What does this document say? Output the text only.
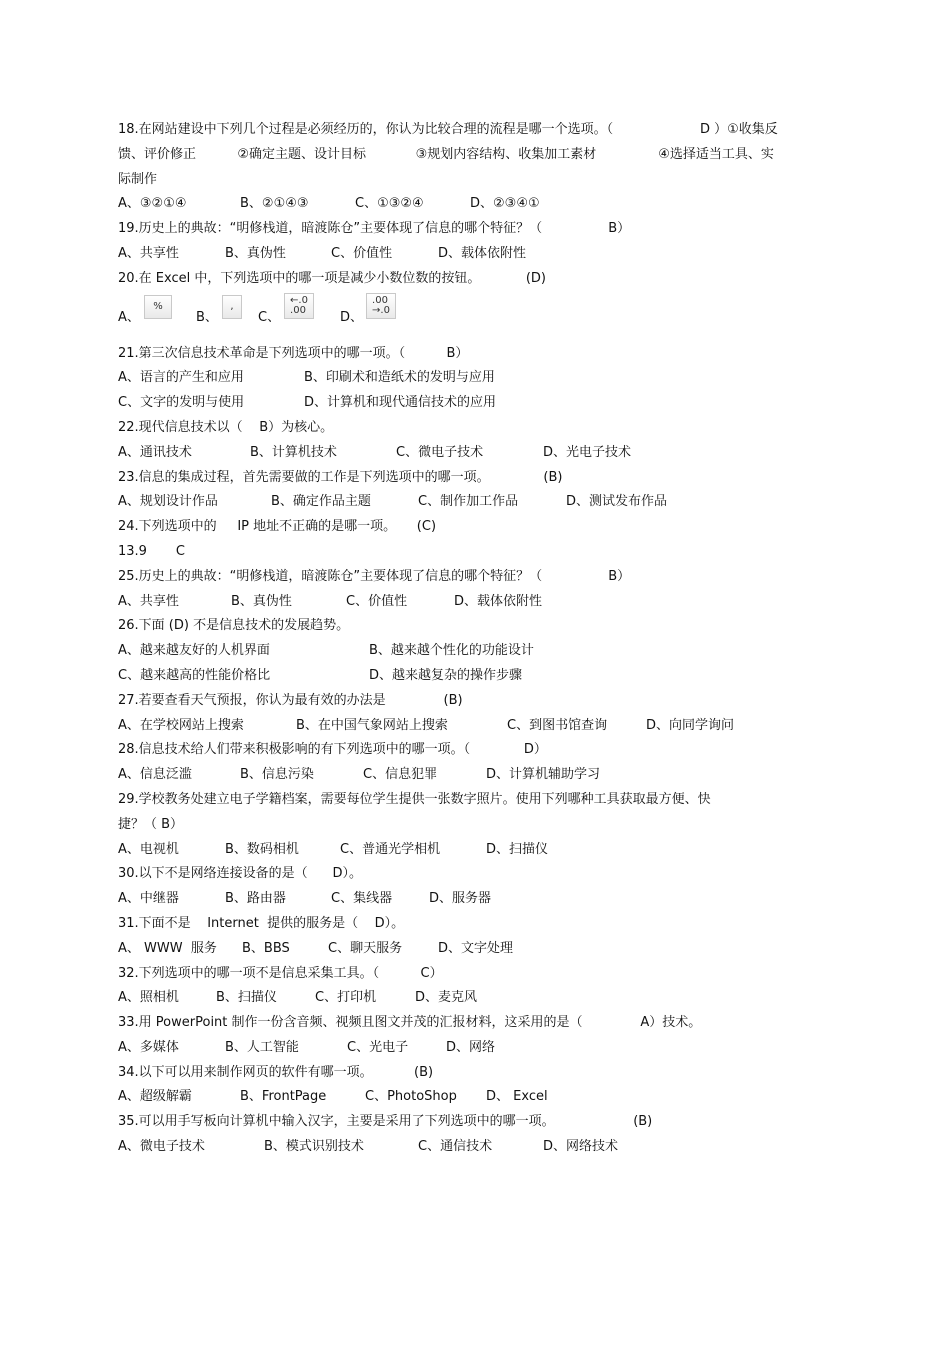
18.在网站建设中下列几个过程是必须经历的，你认为比较合理的流程是哪一个选项。（                     D ）①收集反
馈、评价修正          ②确定主题、设计目标            ③规划内容结构、收集加工素材               ④选择适当工具、实
际制作

A、③②①④

	B、②①④③

	C、①③②④

	D、②③④①

19.历史上的典故：“明修栈道，暗渡陈仓”主要体现了信息的哪个特征？（                B）

A、共享性

	B、真伪性

	C、价值性

	D、载体依附性

20.在 Excel 中，下列选项中的哪一项是减少小数位数的按钮。           (D)
A、
%
B、
,
C、
←.0
.00	D、
.00
→.0
21.第三次信息技术革命是下列选项中的哪一项。（          B）

A、语言的产生和应用

	B、印刷术和造纸术的发明与应用

C、文字的发明与使用

	D、计算机和现代通信技术的应用

22.现代信息技术以（    B）为核心。

A、通讯技术

	B、计算机技术

	C、微电子技术

	D、光电子技术

23.信息的集成过程，首先需要做的工作是下列选项中的哪一项。             (B)

A、规划设计作品

	B、确定作品主题

	C、制作加工作品

	D、测试发布作品

24.下列选项中的     IP 地址不正确的是哪一项。     (C)
13.9       C
25.历史上的典故：“明修栈道，暗渡陈仓”主要体现了信息的哪个特征？（                B）

A、共享性

	B、真伪性

	C、价值性

	D、载体依附性

26.下面 (D) 不是信息技术的发展趋势。

A、越来越友好的人机界面

	B、越来越个性化的功能设计

C、越来越高的性能价格比

	D、越来越复杂的操作步骤

27.若要查看天气预报，你认为最有效的办法是              (B)

A、在学校网站上搜索

	B、在中国气象网站上搜索

	C、到图书馆查询

	D、向同学询问

28.信息技术给人们带来积极影响的有下列选项中的哪一项。（             D）

A、信息泛滥

	B、信息污染

	C、信息犯罪

	D、计算机辅助学习

29.学校教务处建立电子学籍档案，需要每位学生提供一张数字照片。使用下列哪种工具获取最方便、快
捷？（ B）

A、电视机

	B、数码相机

	C、普通光学相机

	D、扫描仪

30.以下不是网络连接设备的是（      D）。

A、中继器

	B、路由器

	C、集线器

	D、服务器

31.下面不是    Internet  提供的服务是（    D）。

A、 WWW  服务

B、BBS

	C、聊天服务

	D、文字处理

32.下列选项中的哪一项不是信息采集工具。（          C）

A、照相机

	B、扫描仪

	C、打印机

	D、麦克风

33.用 PowerPoint 制作一份含音频、视频且图文并茂的汇报材料，这采用的是（              A）技术。

A、多媒体

	B、人工智能

	C、光电子

	D、网络

34.以下可以用来制作网页的软件有哪一项。          (B)

A、超级解霸

	B、FrontPage

	C、PhotoShop

D、 Excel

35.可以用手写板向计算机中输入汉字，主要是采用了下列选项中的哪一项。                   (B)

A、微电子技术

	B、模式识别技术

	C、通信技术

	D、网络技术
